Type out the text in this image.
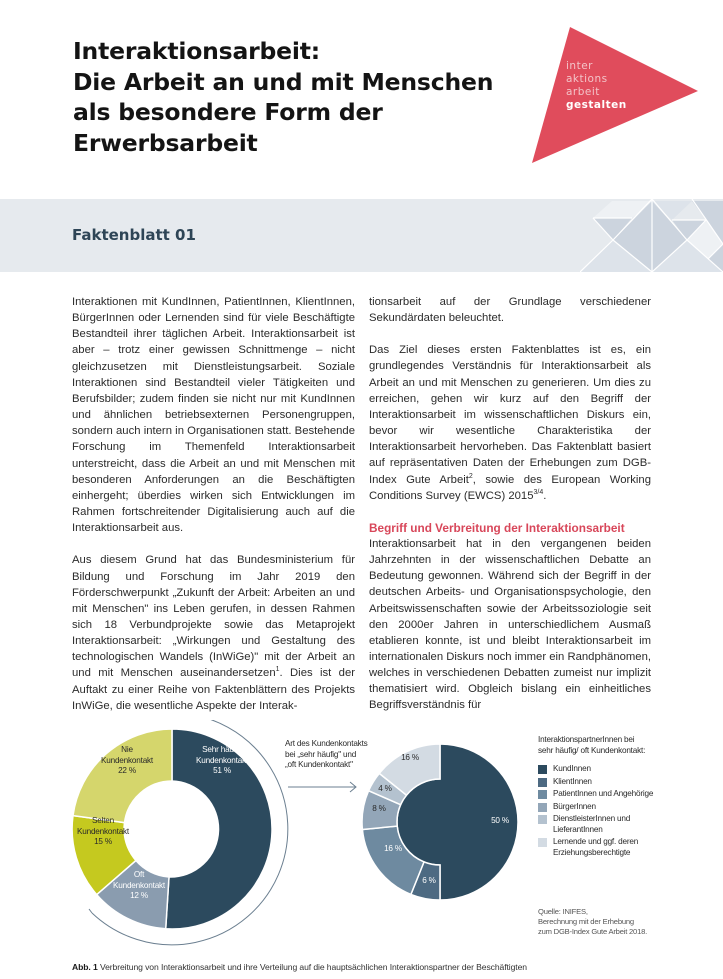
Interaktionsarbeit:
Die Arbeit an und mit Menschen
als besondere Form der
Erwerbsarbeit
inter
aktions
arbeit
gestalten
Faktenblatt 01

Interaktionen mit KundInnen, PatientInnen, KlientInnen, BürgerInnen oder Lernenden sind für viele Beschäftigte Bestandteil ihrer täglichen Arbeit. Interaktionsarbeit ist aber – trotz einer gewissen Schnittmenge – nicht gleichzusetzen mit Dienstleistungsarbeit. Soziale Interaktionen sind Bestandteil vieler Tätigkeiten und Berufsbilder; zudem finden sie nicht nur mit KundInnen und ähnlichen betriebsexternen Personengruppen, sondern auch intern in Organisationen statt. Bestehende Forschung im Themenfeld Interaktionsarbeit unterstreicht, dass die Arbeit an und mit Menschen mit besonderen Anforderungen an die Beschäftigten einhergeht; überdies wirken sich Entwicklungen im Rahmen fortschreitender Digitalisierung auch auf die Interaktionsarbeit aus.

Aus diesem Grund hat das Bundesministerium für Bildung und Forschung im Jahr 2019 den Förderschwerpunkt „Zukunft der Arbeit: Arbeiten an und mit Menschen" ins Leben gerufen, in dessen Rahmen sich 18 Verbundprojekte sowie das Metaprojekt Interaktionsarbeit: „Wirkungen und Gestaltung des technologischen Wandels (InWiGe)" mit der Arbeit an und mit Menschen auseinandersetzen$^1$. Dies ist der Auftakt zu einer Reihe von Faktenblättern des Projekts InWiGe, die wesentliche Aspekte der Interak-

tionsarbeit auf der Grundlage verschiedener Sekundärdaten beleuchtet.

Das Ziel dieses ersten Faktenblattes ist es, ein grundlegendes Verständnis für Interaktionsarbeit als Arbeit an und mit Menschen zu generieren. Um dies zu erreichen, gehen wir kurz auf den Begriff der Interaktionsarbeit im wissenschaftlichen Diskurs ein, bevor wir wesentliche Charakteristika der Interaktionsarbeit hervorheben. Das Faktenblatt basiert auf repräsentativen Daten der Erhebungen zum DGB-Index Gute Arbeit$^2$, sowie des European Working Conditions Survey (EWCS) $2015^{3/4}$.

Begriff und Verbreitung der Interaktionsarbeit

Interaktionsarbeit hat in den vergangenen beiden Jahrzehnten in der wissenschaftlichen Debatte an Bedeutung gewonnen. Während sich der Begriff in der deutschen Arbeits- und Organisationspsychologie, den Arbeitswissenschaften sowie der Arbeitssoziologie seit den 2000er Jahren in unterschiedlichem Ausmaß etablieren konnte, ist und bleibt Interaktionsarbeit im internationalen Diskurs noch immer ein Randphänomen, welches in verschiedenen Debatten zumeist nur implizit thematisiert wird. Obgleich bislang ein einheitliches Begriffsverständnis für

Sehr häufig
Kundenkontakt
51 %
Oft
Kundenkontakt
12 %
Selten
Kundenkontakt
15 %
Nie
Kundenkontakt
22 %
Art des Kundenkontakts
bei „sehr häufig" und
„oft Kundenkontakt"
50 %
6 %
16 %
8 %
4 %
16 %
InteraktionspartnerInnen bei
sehr häufig/ oft Kundenkontakt:
KundInnen
KlientInnen
PatientInnen und Angehörige
BürgerInnen
DienstleisterInnen und LieferantInnen
Lernende und ggf. deren Erziehungsberechtigte
Quelle: INIFES,
Berechnung mit der Erhebung
zum DGB-Index Gute Arbeit 2018.
Abb. 1 Verbreitung von Interaktionsarbeit und ihre Verteilung auf die hauptsächlichen Interaktionspartner der Beschäftigten
